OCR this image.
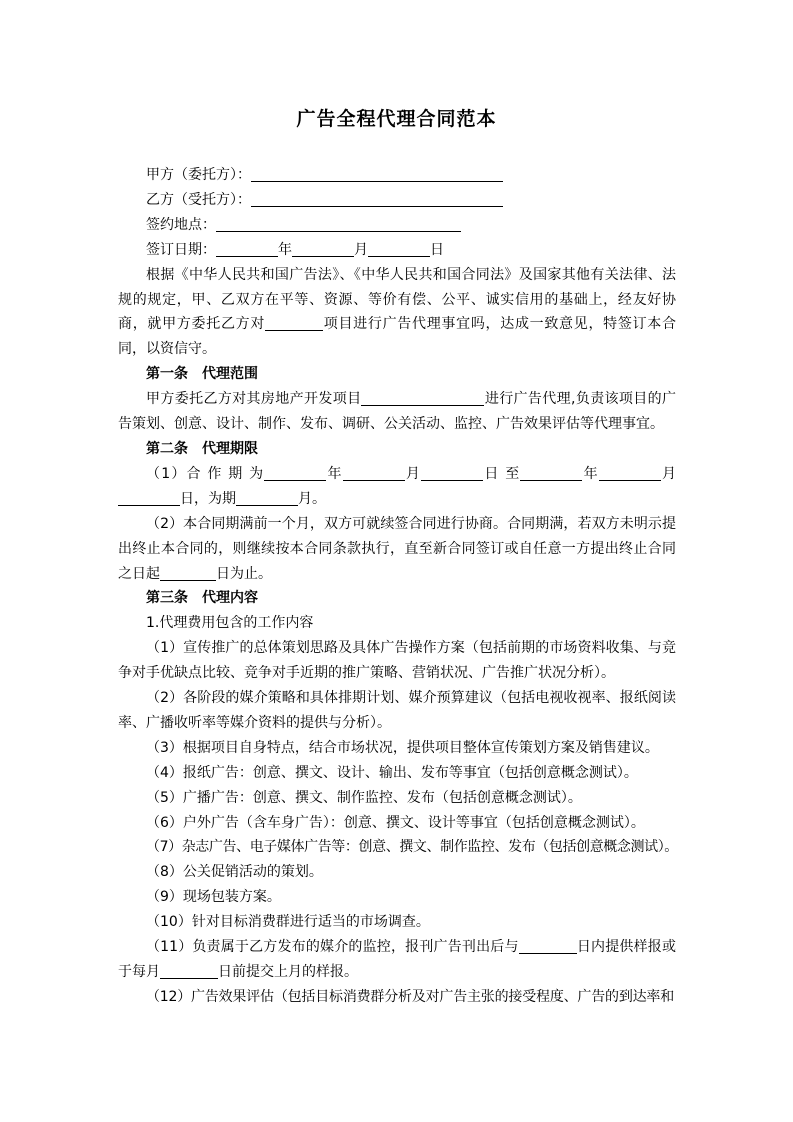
广告全程代理合同范本

甲方（委托方）：

乙方（受托方）：

签约地点：

签订日期：	年	月	日

根据《中华人民共和国广告法》、《中华人民共和国合同法》及国家其他有关法律、法规的规定，甲、乙双方在平等、资源、等价有偿、公平、诚实信用的基础上，经友好协商，就甲方委托乙方对	项目进行广告代理事宜吗，达成一致意见，特签订本合同，以资信守。

第一条　代理范围

甲方委托乙方对其房地产开发项目	进行广告代理,负责该项目的广告策划、创意、设计、制作、发布、调研、公关活动、监控、广告效果评估等代理事宜。

第二条　代理期限

（1）合 作 期 为	年	月	日 至	年	月日，为期	月。

（2）本合同期满前一个月，双方可就续签合同进行协商。合同期满，若双方未明示提出终止本合同的，则继续按本合同条款执行，直至新合同签订或自任意一方提出终止合同之日起	日为止。

第三条　代理内容

1.代理费用包含的工作内容

（1）宣传推广的总体策划思路及具体广告操作方案（包括前期的市场资料收集、与竞争对手优缺点比较、竞争对手近期的推广策略、营销状况、广告推广状况分析）。

（2）各阶段的媒介策略和具体排期计划、媒介预算建议（包括电视收视率、报纸阅读率、广播收听率等媒介资料的提供与分析）。

（3）根据项目自身特点，结合市场状况，提供项目整体宣传策划方案及销售建议。

（4）报纸广告：创意、撰文、设计、输出、发布等事宜（包括创意概念测试）。

（5）广播广告：创意、撰文、制作监控、发布（包括创意概念测试）。

（6）户外广告（含车身广告）：创意、撰文、设计等事宜（包括创意概念测试）。

（7）杂志广告、电子媒体广告等：创意、撰文、制作监控、发布（包括创意概念测试）。

（8）公关促销活动的策划。

（9）现场包装方案。

（10）针对目标消费群进行适当的市场调查。

（11）负责属于乙方发布的媒介的监控，报刊广告刊出后与	日内提供样报或于每月	日前提交上月的样报。

（12）广告效果评估（包括目标消费群分析及对广告主张的接受程度、广告的到达率和
